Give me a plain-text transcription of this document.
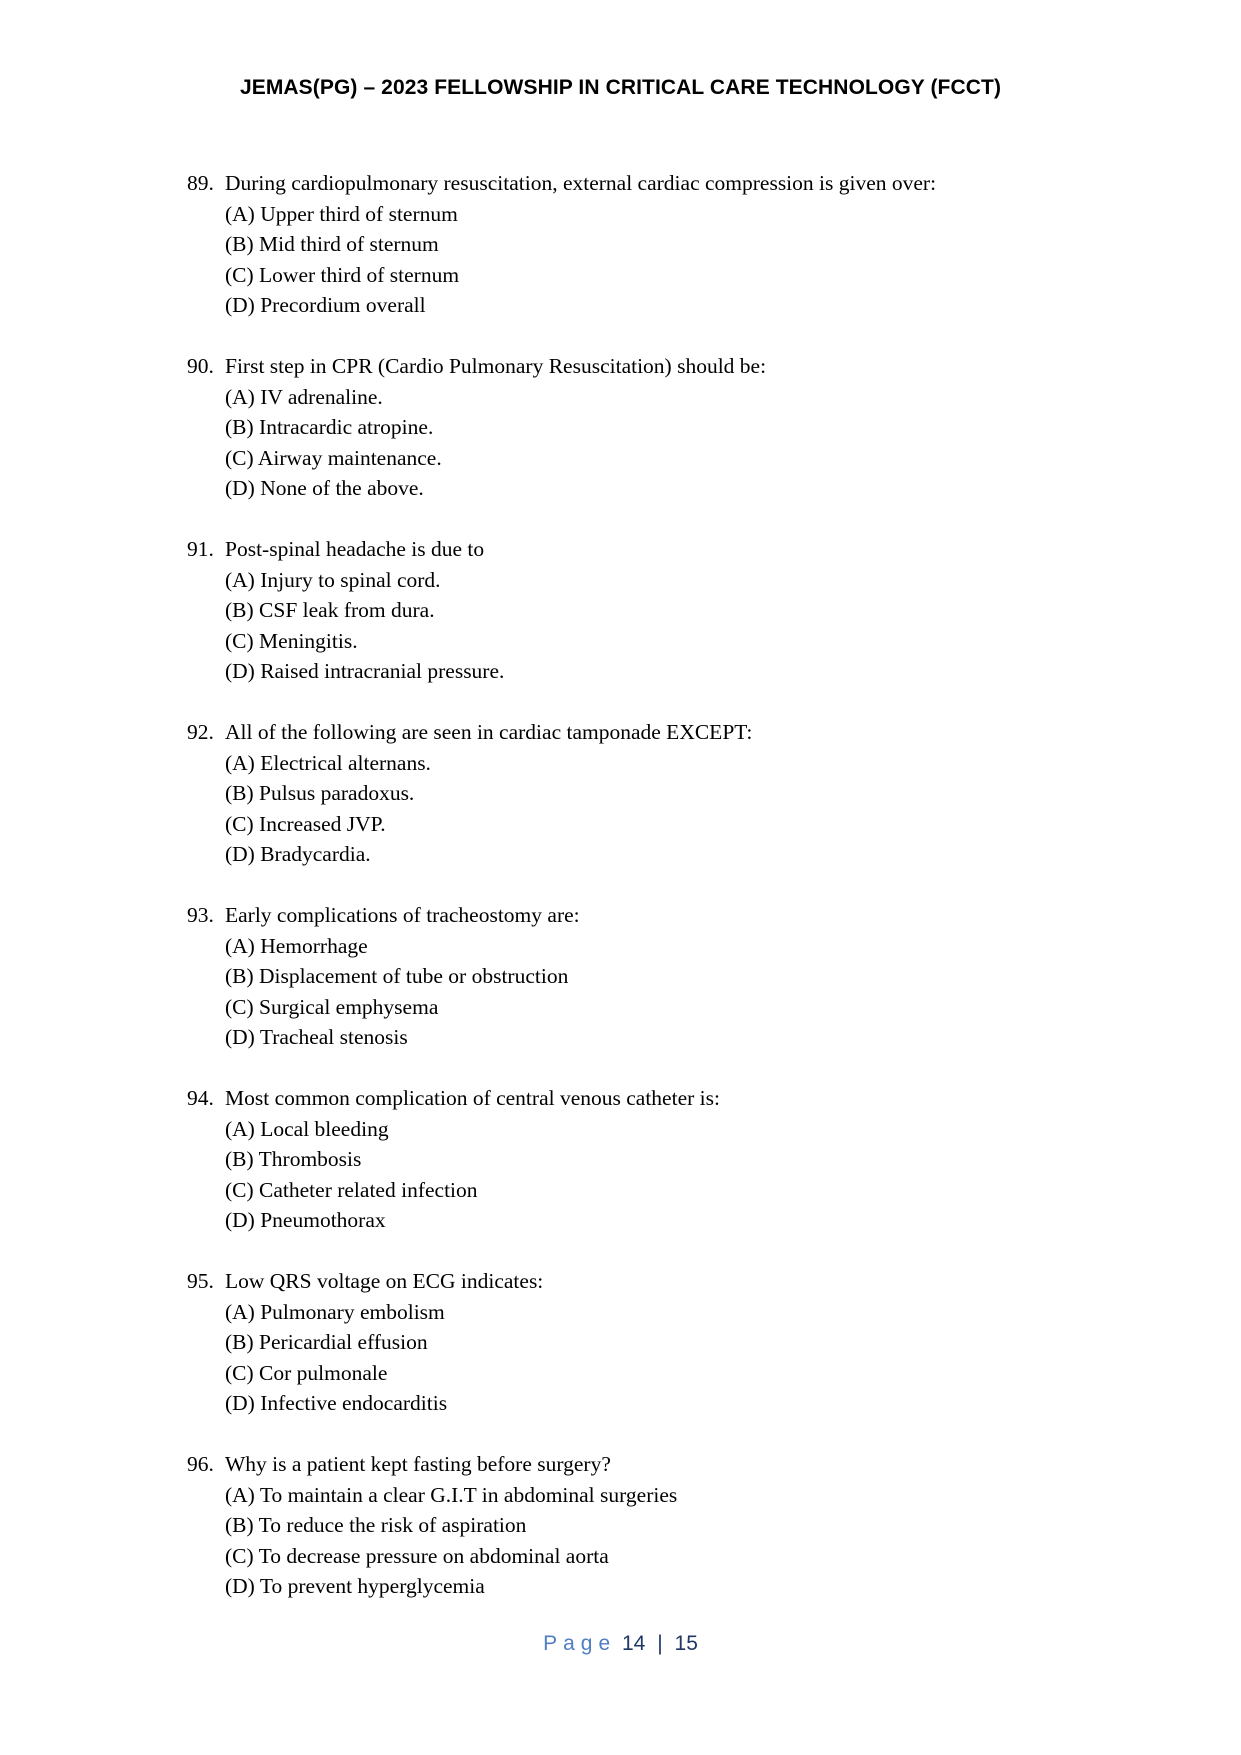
JEMAS(PG) – 2023 FELLOWSHIP IN CRITICAL CARE TECHNOLOGY (FCCT)
89. During cardiopulmonary resuscitation, external cardiac compression is given over:
(A) Upper third of sternum
(B) Mid third of sternum
(C) Lower third of sternum
(D) Precordium overall
90. First step in CPR (Cardio Pulmonary Resuscitation) should be:
(A) IV adrenaline.
(B) Intracardic atropine.
(C) Airway maintenance.
(D) None of the above.
91. Post-spinal headache is due to
(A) Injury to spinal cord.
(B) CSF leak from dura.
(C) Meningitis.
(D) Raised intracranial pressure.
92. All of the following are seen in cardiac tamponade EXCEPT:
(A) Electrical alternans.
(B) Pulsus paradoxus.
(C) Increased JVP.
(D) Bradycardia.
93. Early complications of tracheostomy are:
(A) Hemorrhage
(B) Displacement of tube or obstruction
(C) Surgical emphysema
(D) Tracheal stenosis
94. Most common complication of central venous catheter is:
(A) Local bleeding
(B) Thrombosis
(C) Catheter related infection
(D) Pneumothorax
95. Low QRS voltage on ECG indicates:
(A) Pulmonary embolism
(B) Pericardial effusion
(C) Cor pulmonale
(D) Infective endocarditis
96. Why is a patient kept fasting before surgery?
(A) To maintain a clear G.I.T in abdominal surgeries
(B) To reduce the risk of aspiration
(C) To decrease pressure on abdominal aorta
(D) To prevent hyperglycemia
Page 14 | 15
